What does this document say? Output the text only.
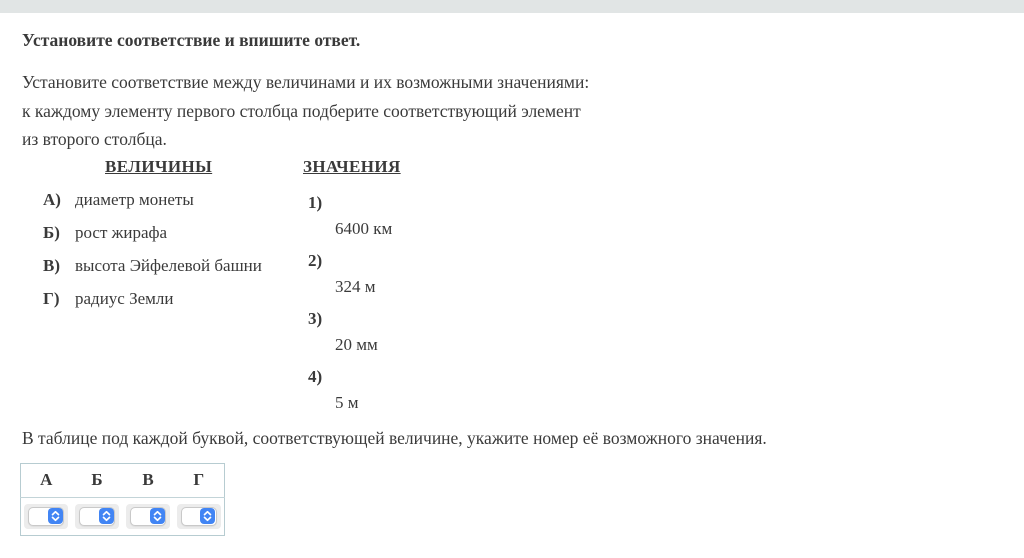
Установите соответствие и впишите ответ.

Установите соответствие между величинами и их возможными значениями:
к каждому элементу первого столбца подберите соответствующий элемент
из второго столбца.

ВЕЛИЧИНЫ
А) диаметр монеты
Б) рост жирафа
В) высота Эйфелевой башни
Г) радиус Земли
ЗНАЧЕНИЯ
1)
6400 км
2)
324 м
3)
20 мм
4)
5 м

В таблице под каждой буквой, соответствующей величине, укажите номер её возможного значения.

А	Б	В	Г
